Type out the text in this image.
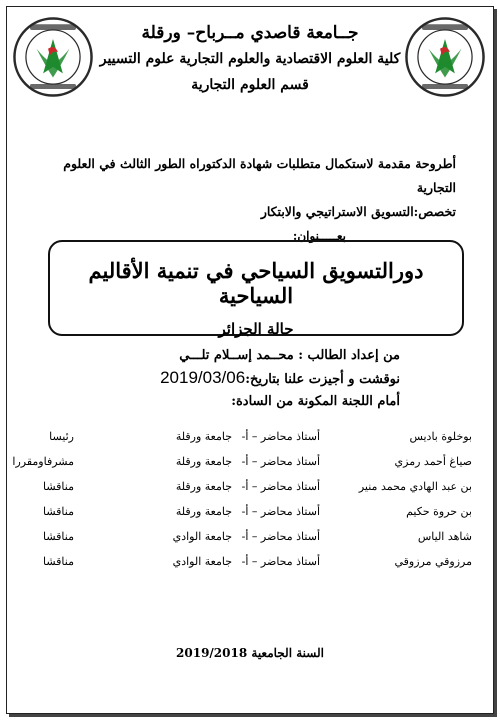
جــامعة قاصدي مــرباح– ورقلة
كلية العلوم الاقتصادية والعلوم التجارية علوم التسيير
قسم العلوم التجارية
أطروحة مقدمة لاستكمال متطلبات شهادة الدكتوراه الطور الثالث في العلوم التجارية
تخصص:التسويق الاستراتيجي والابتكار
بعـــــنوان:
دورالتسويق السياحي في تنمية الأقاليم السياحية
حالة الجزائر
من إعداد الطالب : محــمد إســلام تلـــي
نوقشت و أجيزت علنا بتاريخ:2019/03/06
أمام اللجنة المكونة من السادة:
بوخلوة باديس
أستاذ محاضر – أ-
جامعة ورقلة
رئيسا
صياغ أحمد رمزي
أستاذ محاضر – أ-
جامعة ورقلة
مشرفاومقررا
بن عبد الهادي محمد منير
أستاذ محاضر – أ-
جامعة ورقلة
مناقشا
بن حروة حكيم
أستاذ محاضر – أ-
جامعة ورقلة
مناقشا
شاهد الياس
أستاذ محاضر – أ-
جامعة الوادي
مناقشا
مرزوقي مرزوقي
أستاذ محاضر – أ-
جامعة الوادي
مناقشا
السنة الجامعية 2019/2018
